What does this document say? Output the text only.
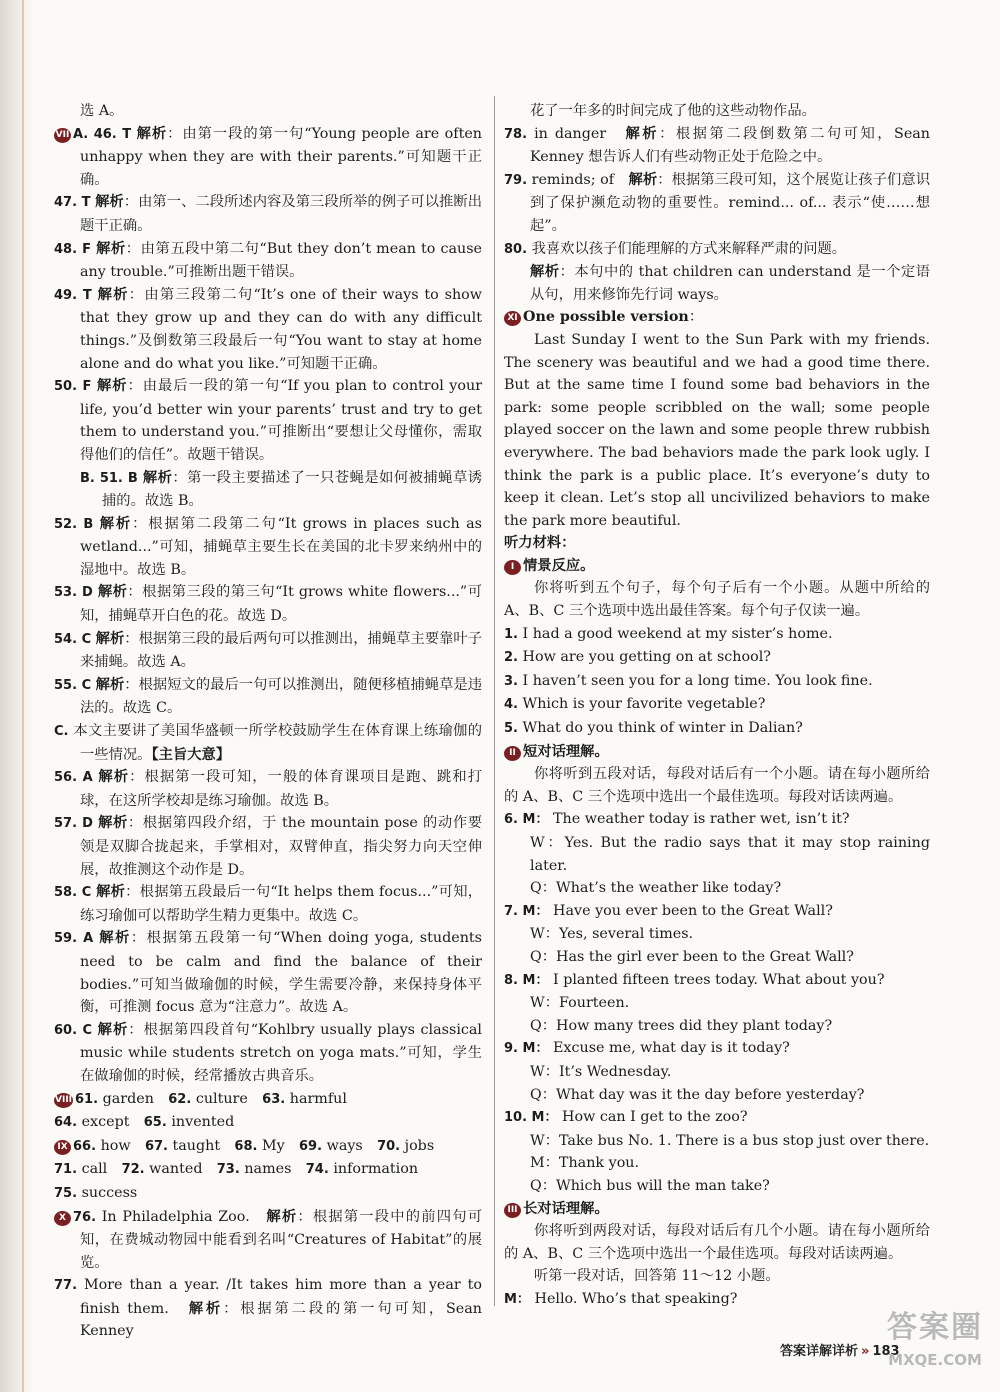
选 A。

VII A. 46. T 解析：由第一段的第一句“Young people are often unhappy when they are with their parents.”可知题干正确。

47. T 解析：由第一、二段所述内容及第三段所举的例子可以推断出题干正确。

48. F 解析：由第五段中第二句“But they don’t mean to cause any trouble.”可推断出题干错误。

49. T 解析：由第三段第二句“It’s one of their ways to show that they grow up and they can do with any difficult things.”及倒数第三段最后一句“You want to stay at home alone and do what you like.”可知题干正确。

50. F 解析：由最后一段的第一句“If you plan to control your life, you’d better win your parents’ trust and try to get them to understand you.”可推断出“要想让父母懂你，需取得他们的信任”。故题干错误。

B. 51. B 解析：第一段主要描述了一只苍蝇是如何被捕蝇草诱捕的。故选 B。

52. B 解析：根据第二段第二句“It grows in places such as wetland...”可知，捕蝇草主要生长在美国的北卡罗来纳州中的湿地中。故选 B。

53. D 解析：根据第三段的第三句“It grows white flowers...”可知，捕蝇草开白色的花。故选 D。

54. C 解析：根据第三段的最后两句可以推测出，捕蝇草主要靠叶子来捕蝇。故选 A。

55. C 解析：根据短文的最后一句可以推测出，随便移植捕蝇草是违法的。故选 C。

C. 本文主要讲了美国华盛顿一所学校鼓励学生在体育课上练瑜伽的一些情况。【主旨大意】

56. A 解析：根据第一段可知，一般的体育课项目是跑、跳和打球，在这所学校却是练习瑜伽。故选 B。

57. D 解析：根据第四段介绍，于 the mountain pose 的动作要领是双脚合拢起来，手掌相对，双臂伸直，指尖努力向天空伸展，故推测这个动作是 D。

58. C 解析：根据第五段最后一句“It helps them focus...”可知，练习瑜伽可以帮助学生精力更集中。故选 C。

59. A 解析：根据第五段第一句“When doing yoga, students need to be calm and find the balance of their bodies.”可知当做瑜伽的时候，学生需要冷静，来保持身体平衡，可推测 focus 意为“注意力”。故选 A。

60. C 解析：根据第四段首句“Kohlbry usually plays classical music while students stretch on yoga mats.”可知，学生在做瑜伽的时候，经常播放古典音乐。

VIII 61. garden　62. culture　63. harmful

64. except　65. invented

IX 66. how　67. taught　68. My　69. ways　70. jobs

71. call　72. wanted　73. names　74. information

75. success

X 76. In Philadelphia Zoo.　解析：根据第一段中的前四句可知，在费城动物园中能看到名叫“Creatures of Habitat”的展览。

77. More than a year. /It takes him more than a year to finish them.　解析：根据第二段的第一句可知，Sean Kenney

花了一年多的时间完成了他的这些动物作品。

78. in danger　解析：根据第二段倒数第二句可知，Sean Kenney 想告诉人们有些动物正处于危险之中。

79. reminds; of　解析：根据第三段可知，这个展览让孩子们意识到了保护濒危动物的重要性。remind... of... 表示“使……想起”。

80. 我喜欢以孩子们能理解的方式来解释严肃的问题。

解析：本句中的 that children can understand 是一个定语从句，用来修饰先行词 ways。

XI One possible version：

Last Sunday I went to the Sun Park with my friends. The scenery was beautiful and we had a good time there. But at the same time I found some bad behaviors in the park: some people scribbled on the wall; some people played soccer on the lawn and some people threw rubbish everywhere. The bad behaviors made the park look ugly. I think the park is a public place. It’s everyone’s duty to keep it clean. Let’s stop all uncivilized behaviors to make the park more beautiful.

听力材料：

I 情景反应。

你将听到五个句子，每个句子后有一个小题。从题中所给的 A、B、C 三个选项中选出最佳答案。每个句子仅读一遍。

1. I had a good weekend at my sister’s home.

2. How are you getting on at school?

3. I haven’t seen you for a long time. You look fine.

4. Which is your favorite vegetable?

5. What do you think of winter in Dalian?

II 短对话理解。

你将听到五段对话，每段对话后有一个小题。请在每小题所给的 A、B、C 三个选项中选出一个最佳选项。每段对话读两遍。

6. M： The weather today is rather wet, isn’t it?

W：Yes. But the radio says that it may stop raining later.

Q：What’s the weather like today?

7. M： Have you ever been to the Great Wall?

W：Yes, several times.

Q：Has the girl ever been to the Great Wall?

8. M： I planted fifteen trees today. What about you?

W：Fourteen.

Q：How many trees did they plant today?

9. M： Excuse me, what day is it today?

W：It’s Wednesday.

Q：What day was it the day before yesterday?

10. M： How can I get to the zoo?

W：Take bus No. 1. There is a bus stop just over there.

M：Thank you.

Q：Which bus will the man take?

III 长对话理解。

你将听到两段对话，每段对话后有几个小题。请在每小题所给的 A、B、C 三个选项中选出一个最佳选项。每段对话读两遍。

听第一段对话，回答第 11～12 小题。

M： Hello. Who’s that speaking?

答案详解详析 » 183
答案圈
MXQE.COM
